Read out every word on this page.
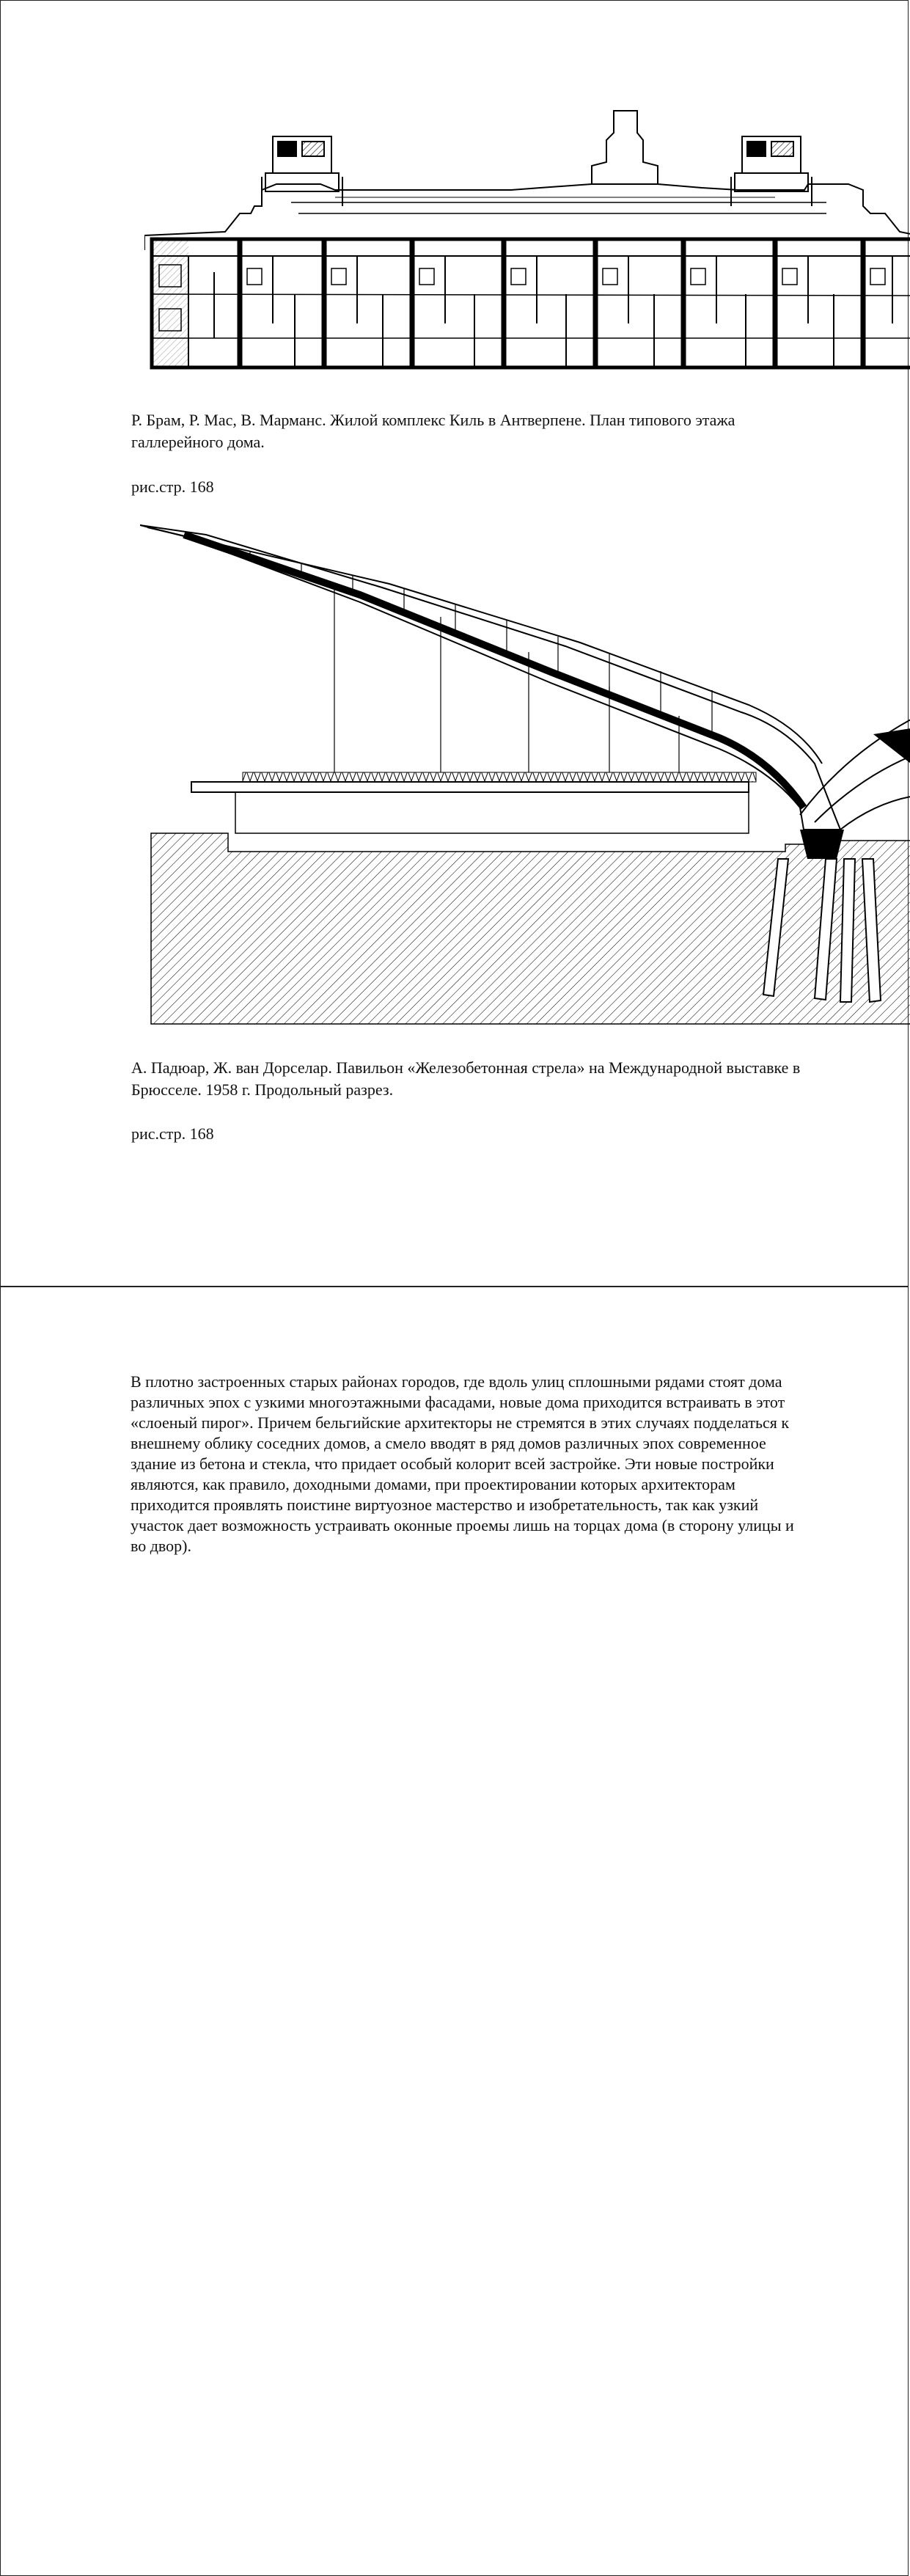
Р. Брам, Р. Мас, В. Марманс. Жилой комплекс Киль в Антверпене. План типового этажа галлерейного дома.
рис.стр. 168
А. Падюар, Ж. ван Дорселар. Павильон «Железобетонная стрела» на Международной выставке в Брюсселе. 1958 г. Продольный разрез.
рис.стр. 168
В плотно застроенных старых районах городов, где вдоль улиц сплошными рядами стоят дома различных эпох с узкими многоэтажными фасадами, новые дома приходится встраивать в этот «слоеный пирог». Причем бельгийские архитекторы не стремятся в этих случаях подделаться к внешнему облику соседних домов, а смело вводят в ряд домов различных эпох современное здание из бетона и стекла, что придает особый колорит всей застройке. Эти новые постройки являются, как правило, доходными домами, при проектировании которых архитекторам приходится проявлять поистине виртуозное мастерство и изобретательность, так как узкий участок дает возможность устраивать оконные проемы лишь на торцах дома (в сторону улицы и во двор).
